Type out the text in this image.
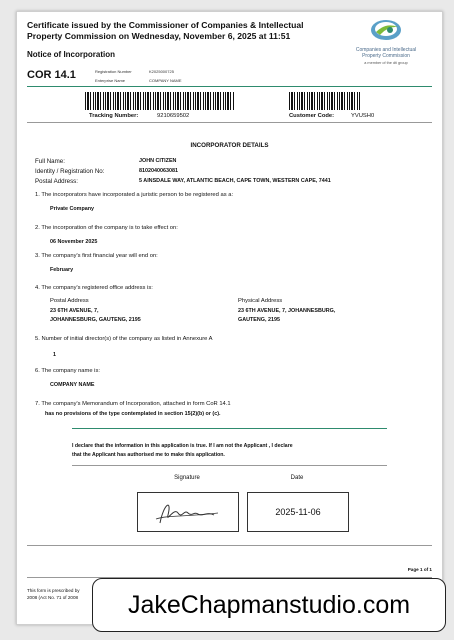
Certificate issued by the Commissioner of Companies & Intellectual
Property Commission on Wednesday, November 6, 2025 at 11:51
Companies and Intellectual
Property Commission
a member of the dti group
Notice of Incorporation
COR 14.1	Registration Number	K2025000725
Enterprise Name	COMPANY NAME
Tracking Number:	9210659502	Customer Code:	YVUSH0
INCORPORATOR DETAILS
Full Name:	JOHN CITIZEN
Identity / Registration No:	8102040063081
Postal Address:	5 AINSDALE WAY, ATLANTIC BEACH, CAPE TOWN, WESTERN CAPE, 7441
1. The incorporators have incorporated a juristic person to be registered as a:
Private Company
2. The incorporation of the company is to take effect on:
06 November 2025
3. The company's first financial year will end on:
February
4. The company's registered office address is:
Postal Address
23 6TH AVENUE, 7,
JOHANNESBURG, GAUTENG, 2195
Physical Address
23 6TH AVENUE, 7, JOHANNESBURG,
GAUTENG, 2195
5. Number of initial director(s) of the company as listed in Annexure A
1
6. The company name is:
COMPANY NAME
7. The company's Memorandum of Incorporation, attached in form CoR 14.1
has no provisions of the type contemplated in section 15(2)(b) or (c).
I declare that the information in this application is true. If I am not the Applicant , I declare
that the Applicant has authorised me to make this application.
Signature	Date
2025-11-06
Page 1 of 1
This form is prescribed by
2008 (Act No. 71 of 2008	JakeChapmanstudio.com
